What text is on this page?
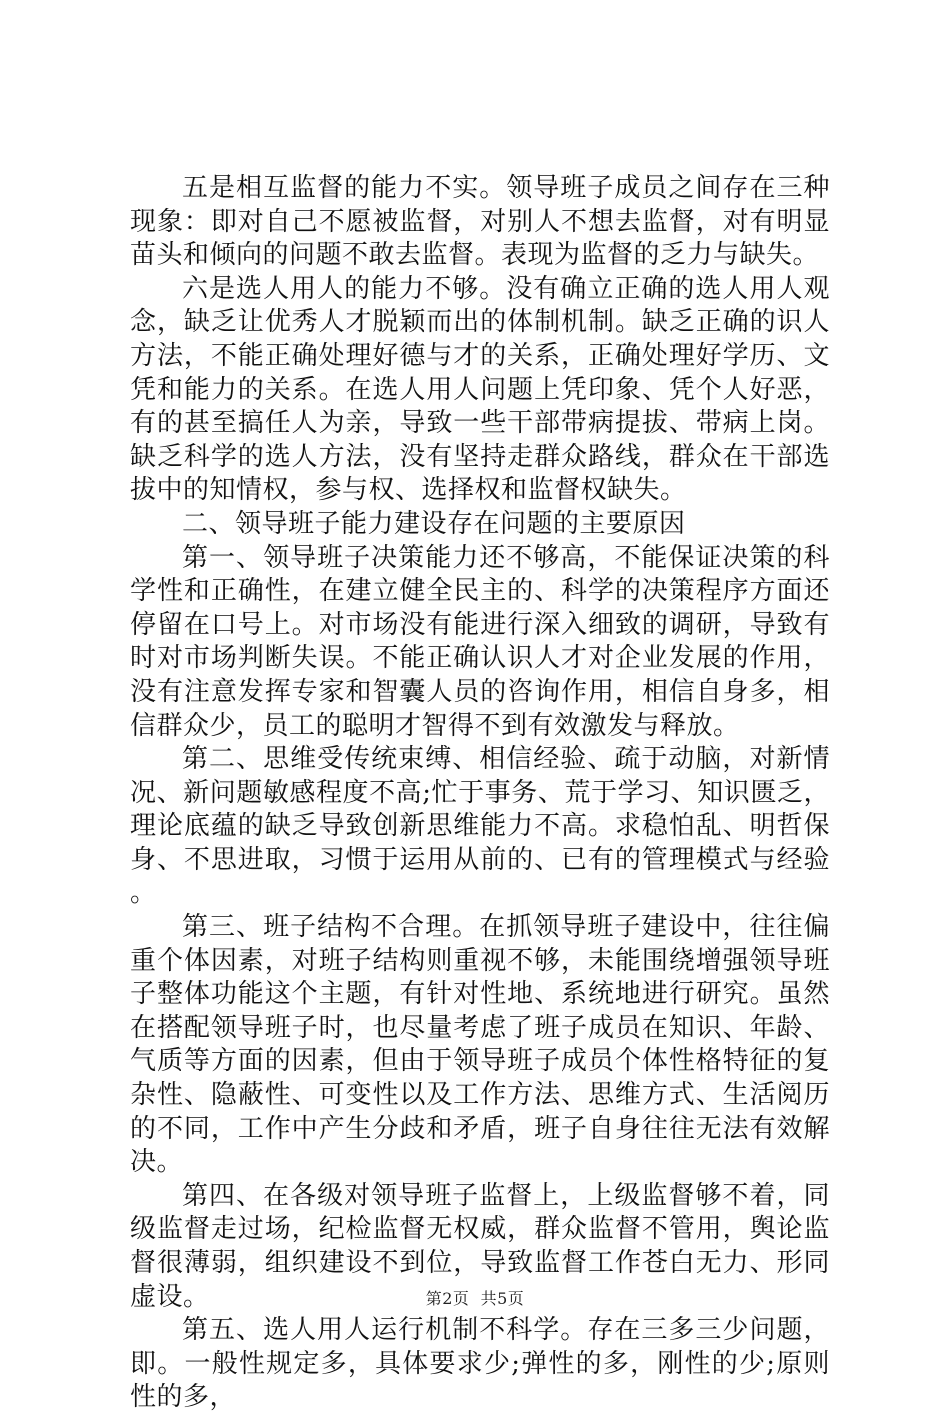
五是相互监督的能力不实。领导班子成员之间存在三种现象：即对自己不愿被监督，对别人不想去监督，对有明显苗头和倾向的问题不敢去监督。表现为监督的乏力与缺失。

六是选人用人的能力不够。没有确立正确的选人用人观念，缺乏让优秀人才脱颖而出的体制机制。缺乏正确的识人方法，不能正确处理好德与才的关系，正确处理好学历、文凭和能力的关系。在选人用人问题上凭印象、凭个人好恶，有的甚至搞任人为亲，导致一些干部带病提拔、带病上岗。缺乏科学的选人方法，没有坚持走群众路线，群众在干部选拔中的知情权，参与权、选择权和监督权缺失。

二、领导班子能力建设存在问题的主要原因

第一、领导班子决策能力还不够高，不能保证决策的科学性和正确性，在建立健全民主的、科学的决策程序方面还停留在口号上。对市场没有能进行深入细致的调研，导致有时对市场判断失误。不能正确认识人才对企业发展的作用，没有注意发挥专家和智囊人员的咨询作用，相信自身多，相信群众少，员工的聪明才智得不到有效激发与释放。

第二、思维受传统束缚、相信经验、疏于动脑，对新情况、新问题敏感程度不高;忙于事务、荒于学习、知识匮乏，理论底蕴的缺乏导致创新思维能力不高。求稳怕乱、明哲保身、不思进取，习惯于运用从前的、已有的管理模式与经验。

第三、班子结构不合理。在抓领导班子建设中，往往偏重个体因素，对班子结构则重视不够，未能围绕增强领导班子整体功能这个主题，有针对性地、系统地进行研究。虽然在搭配领导班子时，也尽量考虑了班子成员在知识、年龄、气质等方面的因素，但由于领导班子成员个体性格特征的复杂性、隐蔽性、可变性以及工作方法、思维方式、生活阅历的不同，工作中产生分歧和矛盾，班子自身往往无法有效解决。

第四、在各级对领导班子监督上，上级监督够不着，同级监督走过场，纪检监督无权威，群众监督不管用，舆论监督很薄弱，组织建设不到位，导致监督工作苍白无力、形同虚设。

第五、选人用人运行机制不科学。存在三多三少问题，即。一般性规定多，具体要求少;弹性的多，刚性的少;原则性的多，

第2页 共5页
